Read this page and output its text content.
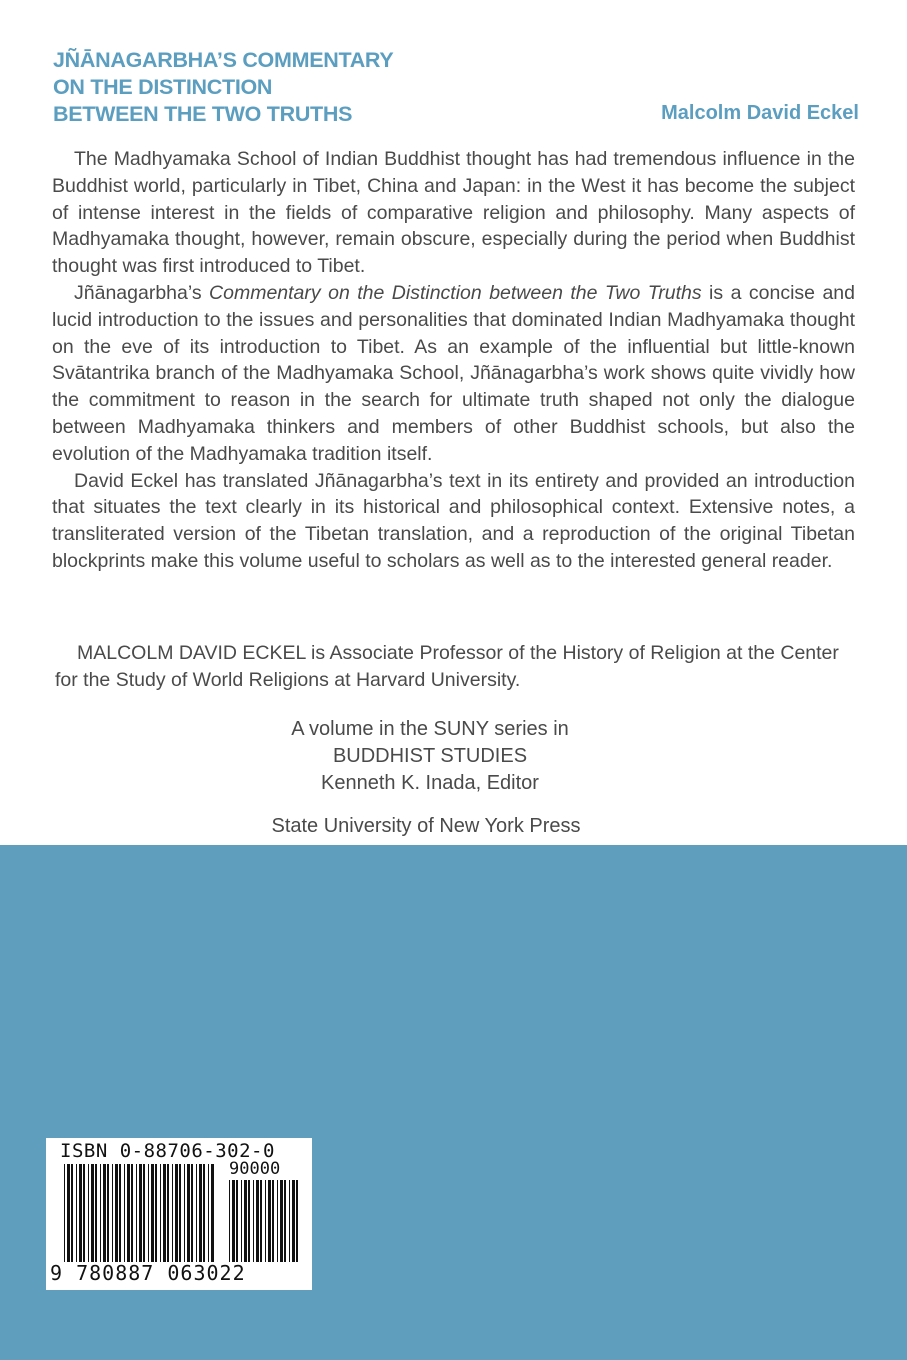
JÑĀNAGARBHA’S COMMENTARY
ON THE DISTINCTION
BETWEEN THE TWO TRUTHS	Malcolm David Eckel

The Madhyamaka School of Indian Buddhist thought has had tremendous influence in the Buddhist world, particularly in Tibet, China and Japan: in the West it has become the subject of intense interest in the fields of comparative religion and philosophy. Many aspects of Madhyamaka thought, however, remain obscure, especially during the period when Buddhist thought was first introduced to Tibet.

Jñānagarbha’s Commentary on the Distinction between the Two Truths is a concise and lucid introduction to the issues and personalities that dominated Indian Madhyamaka thought on the eve of its introduction to Tibet. As an example of the influential but little-known Svātantrika branch of the Madhyamaka School, Jñānagarbha’s work shows quite vividly how the commitment to reason in the search for ultimate truth shaped not only the dialogue between Madhyamaka thinkers and members of other Buddhist schools, but also the evolution of the Madhyamaka tradition itself.

David Eckel has translated Jñānagarbha’s text in its entirety and provided an introduction that situates the text clearly in its historical and philosophical context. Extensive notes, a transliterated version of the Tibetan translation, and a reproduction of the original Tibetan blockprints make this volume useful to scholars as well as to the interested general reader.

MALCOLM DAVID ECKEL is Associate Professor of the History of Religion at the Center for the Study of World Religions at Harvard University.

A volume in the SUNY series in
BUDDHIST STUDIES
Kenneth K. Inada, Editor
State University of New York Press
ISBN 0-88706-302-0
90000
9 780887 063022
